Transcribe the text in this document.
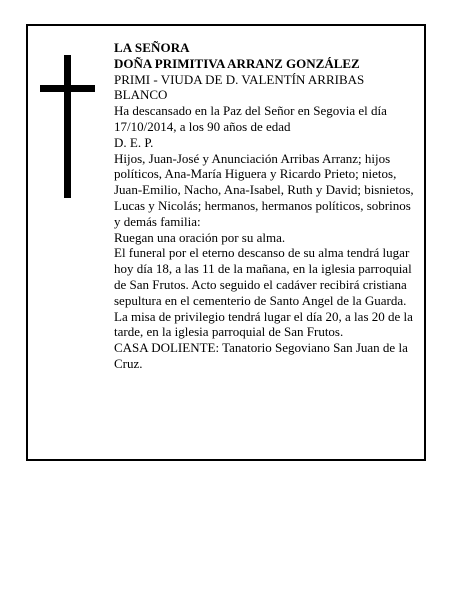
LA SEÑORA

DOÑA PRIMITIVA ARRANZ GONZÁLEZ

PRIMI - VIUDA DE D. VALENTÍN ARRIBAS BLANCO

Ha descansado en la Paz del Señor en Segovia el día 17/10/2014, a los 90 años de edad

D. E. P.

Hijos, Juan-José y Anunciación Arribas Arranz; hijos políticos, Ana-María Higuera y Ricardo Prieto; nietos, Juan-Emilio, Nacho, Ana-Isabel, Ruth y David; bisnietos, Lucas y Nicolás; hermanos, hermanos políticos, sobrinos y demás familia:

Ruegan una oración por su alma.

El funeral por el eterno descanso de su alma tendrá lugar hoy día 18, a las 11 de la mañana, en la iglesia parroquial de San Frutos. Acto seguido el cadáver recibirá cristiana sepultura en el cementerio de Santo Angel de la Guarda. La misa de privilegio tendrá lugar el día 20, a las 20 de la tarde, en la iglesia parroquial de San Frutos.

CASA DOLIENTE: Tanatorio Segoviano San Juan de la Cruz.
